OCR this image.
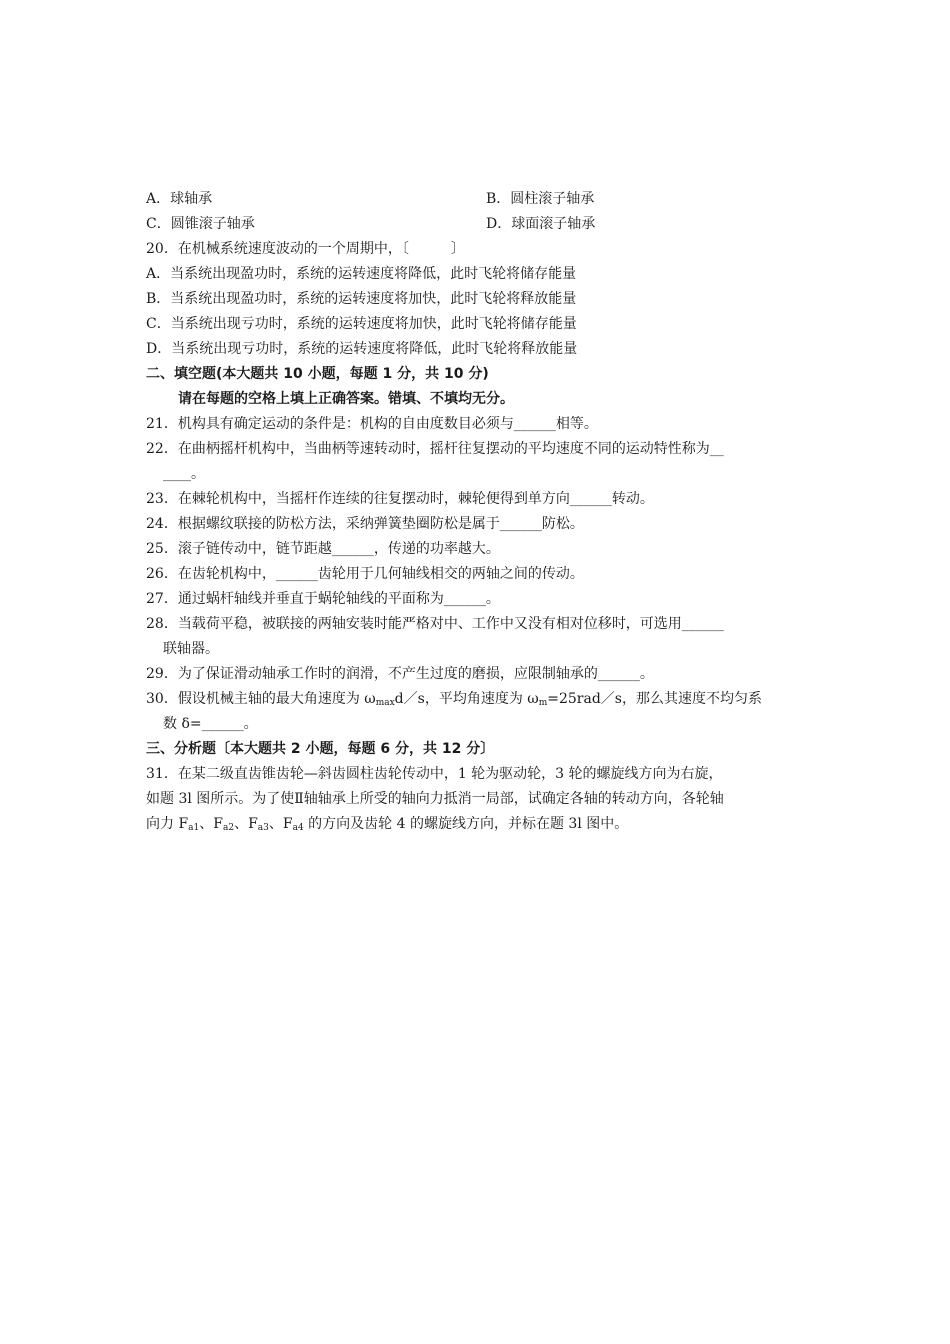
A．球轴承	B．圆柱滚子轴承
C．圆锥滚子轴承	D．球面滚子轴承
20．在机械系统速度波动的一个周期中，〔　　　〕
A．当系统出现盈功时，系统的运转速度将降低，此时飞轮将储存能量
B．当系统出现盈功时，系统的运转速度将加快，此时飞轮将释放能量
C．当系统出现亏功时，系统的运转速度将加快，此时飞轮将储存能量
D．当系统出现亏功时，系统的运转速度将降低，此时飞轮将释放能量
二、填空题(本大题共 10 小题，每题 1 分，共 10 分)
请在每题的空格上填上正确答案。错填、不填均无分。
21．机构具有确定运动的条件是：机构的自由度数目必须与______相等。
22．在曲柄摇杆机构中，当曲柄等速转动时，摇杆往复摆动的平均速度不同的运动特性称为__
____。
23．在棘轮机构中，当摇杆作连续的往复摆动时，棘轮便得到单方向______转动。
24．根据螺纹联接的防松方法，采纳弹簧垫圈防松是属于______防松。
25．滚子链传动中，链节距越______，传递的功率越大。
26．在齿轮机构中，______齿轮用于几何轴线相交的两轴之间的传动。
27．通过蜗杆轴线并垂直于蜗轮轴线的平面称为______。
28．当载荷平稳，被联接的两轴安装时能严格对中、工作中又没有相对位移时，可选用______
联轴器。
29．为了保证滑动轴承工作时的润滑，不产生过度的磨损，应限制轴承的______。
30．假设机械主轴的最大角速度为 $\omega_{max}d/s$，平均角速度为 $\omega_m=25rad/s$，那么其速度不均匀系
数 δ=______。
三、分析题〔本大题共 2 小题，每题 6 分，共 12 分〕
31．在某二级直齿锥齿轮—斜齿圆柱齿轮传动中，1 轮为驱动轮，3 轮的螺旋线方向为右旋，
如题 3l 图所示。为了使Ⅱ轴轴承上所受的轴向力抵消一局部，试确定各轴的转动方向，各轮轴
向力 $F_{a1}$、$F_{a2}$、$F_{a3}$、$F_{a4}$ 的方向及齿轮 4 的螺旋线方向，并标在题 3l 图中。
